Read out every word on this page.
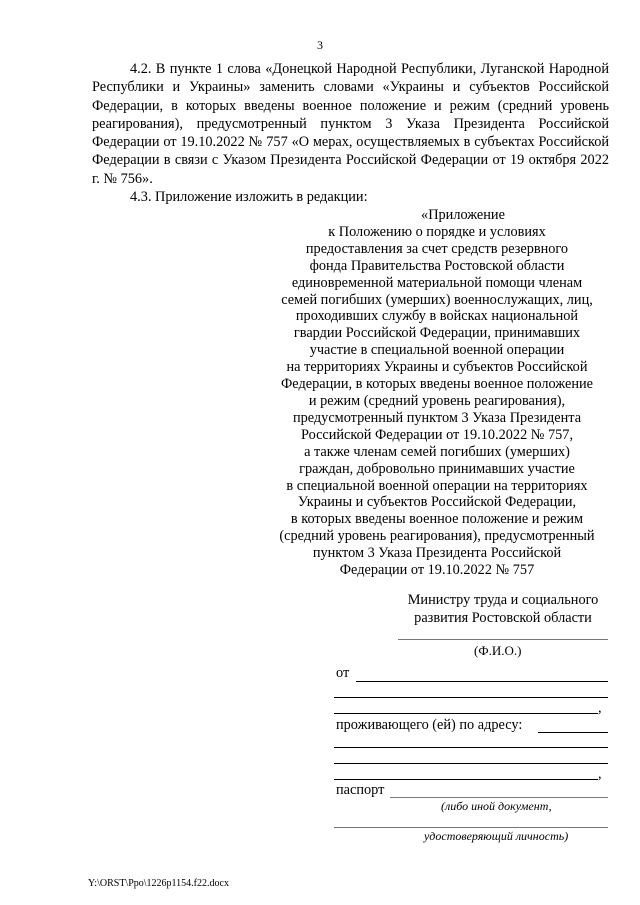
3

4.2. В пункте 1 слова «Донецкой Народной Республики, Луганской Народной Республики и Украины» заменить словами «Украины и субъектов Российской Федерации, в которых введены военное положение и режим (средний уровень реагирования), предусмотренный пунктом 3 Указа Президента Российской Федерации от 19.10.2022 № 757 «О мерах, осуществляемых в субъектах Российской Федерации в связи с Указом Президента Российской Федерации от 19 октября 2022 г. № 756».

4.3. Приложение изложить в редакции:

«Приложение
к Положению о порядке и условиях
предоставления за счет средств резервного
фонда Правительства Ростовской области
единовременной материальной помощи членам
семей погибших (умерших) военнослужащих, лиц,
проходивших службу в войсках национальной
гвардии Российской Федерации, принимавших
участие в специальной военной операции
на территориях Украины и субъектов Российской
Федерации, в которых введены военное положение
и режим (средний уровень реагирования),
предусмотренный пунктом 3 Указа Президента
Российской Федерации от 19.10.2022 № 757,
а также членам семей погибших (умерших)
граждан, добровольно принимавших участие
в специальной военной операции на территориях
Украины и субъектов Российской Федерации,
в которых введены военное положение и режим
(средний уровень реагирования), предусмотренный
пунктом 3 Указа Президента Российской
Федерации от 19.10.2022 № 757
Министру труда и социального
развития Ростовской области
(Ф.И.О.)
от
,
проживающего (ей) по адресу:
,
паспорт
(либо иной документ,
удостоверяющий личность)
Y:\ORST\Ppo\1226p1154.f22.docx
